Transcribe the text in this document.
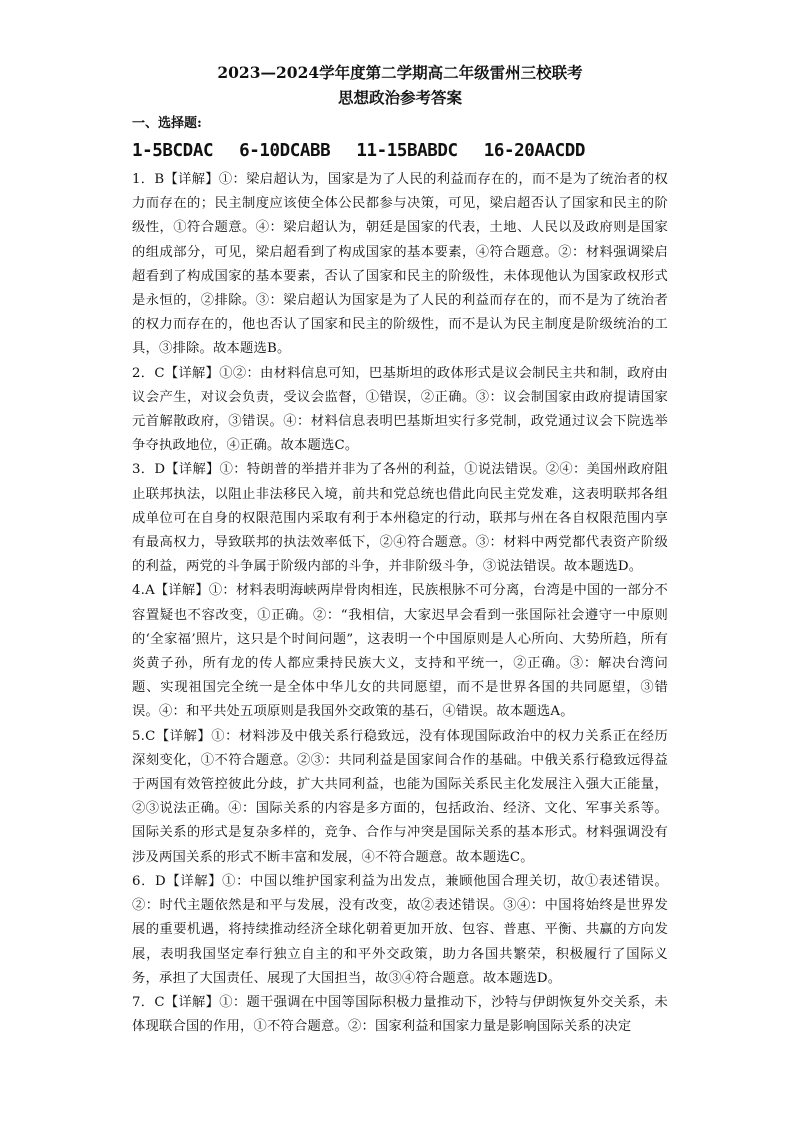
2023—2024学年度第二学期高二年级雷州三校联考
思想政治参考答案

一、选择题:

1-5BCDAC 6-10DCABB 11-15BABDC 16-20AACDD

1．B【详解】①：梁启超认为，国家是为了人民的利益而存在的，而不是为了统治者的权力而存在的；民主制度应该使全体公民都参与决策，可见，梁启超否认了国家和民主的阶级性，①符合题意。④：梁启超认为，朝廷是国家的代表，土地、人民以及政府则是国家的组成部分，可见，梁启超看到了构成国家的基本要素，④符合题意。②：材料强调梁启超看到了构成国家的基本要素，否认了国家和民主的阶级性，未体现他认为国家政权形式是永恒的，②排除。③：梁启超认为国家是为了人民的利益而存在的，而不是为了统治者的权力而存在的，他也否认了国家和民主的阶级性，而不是认为民主制度是阶级统治的工具，③排除。故本题选B。

2．C【详解】①②：由材料信息可知，巴基斯坦的政体形式是议会制民主共和制，政府由议会产生，对议会负责，受议会监督，①错误，②正确。③：议会制国家由政府提请国家元首解散政府，③错误。④：材料信息表明巴基斯坦实行多党制，政党通过议会下院选举争夺执政地位，④正确。故本题选C。

3．D【详解】①：特朗普的举措并非为了各州的利益，①说法错误。②④：美国州政府阻止联邦执法，以阻止非法移民入境，前共和党总统也借此向民主党发难，这表明联邦各组成单位可在自身的权限范围内采取有利于本州稳定的行动，联邦与州在各自权限范围内享有最高权力，导致联邦的执法效率低下，②④符合题意。③：材料中两党都代表资产阶级的利益，两党的斗争属于阶级内部的斗争，并非阶级斗争，③说法错误。故本题选D。

4.A【详解】①：材料表明海峡两岸骨肉相连，民族根脉不可分离，台湾是中国的一部分不容置疑也不容改变，①正确。②：“我相信，大家迟早会看到一张国际社会遵守一中原则的‘全家福’照片，这只是个时间问题”，这表明一个中国原则是人心所向、大势所趋，所有炎黄子孙，所有龙的传人都应秉持民族大义，支持和平统一，②正确。③：解决台湾问题、实现祖国完全统一是全体中华儿女的共同愿望，而不是世界各国的共同愿望，③错误。④：和平共处五项原则是我国外交政策的基石，④错误。故本题选A。

5.C【详解】①：材料涉及中俄关系行稳致远，没有体现国际政治中的权力关系正在经历深刻变化，①不符合题意。②③：共同利益是国家间合作的基础。中俄关系行稳致远得益于两国有效管控彼此分歧，扩大共同利益，也能为国际关系民主化发展注入强大正能量，②③说法正确。④：国际关系的内容是多方面的，包括政治、经济、文化、军事关系等。国际关系的形式是复杂多样的，竞争、合作与冲突是国际关系的基本形式。材料强调没有涉及两国关系的形式不断丰富和发展，④不符合题意。故本题选C。

6．D【详解】①：中国以维护国家利益为出发点，兼顾他国合理关切，故①表述错误。②：时代主题依然是和平与发展，没有改变，故②表述错误。③④：中国将始终是世界发展的重要机遇，将持续推动经济全球化朝着更加开放、包容、普惠、平衡、共赢的方向发展，表明我国坚定奉行独立自主的和平外交政策，助力各国共繁荣，积极履行了国际义务，承担了大国责任、展现了大国担当，故③④符合题意。故本题选D。

7．C【详解】①：题干强调在中国等国际积极力量推动下，沙特与伊朗恢复外交关系，未体现联合国的作用，①不符合题意。②：国家利益和国家力量是影响国际关系的决定
